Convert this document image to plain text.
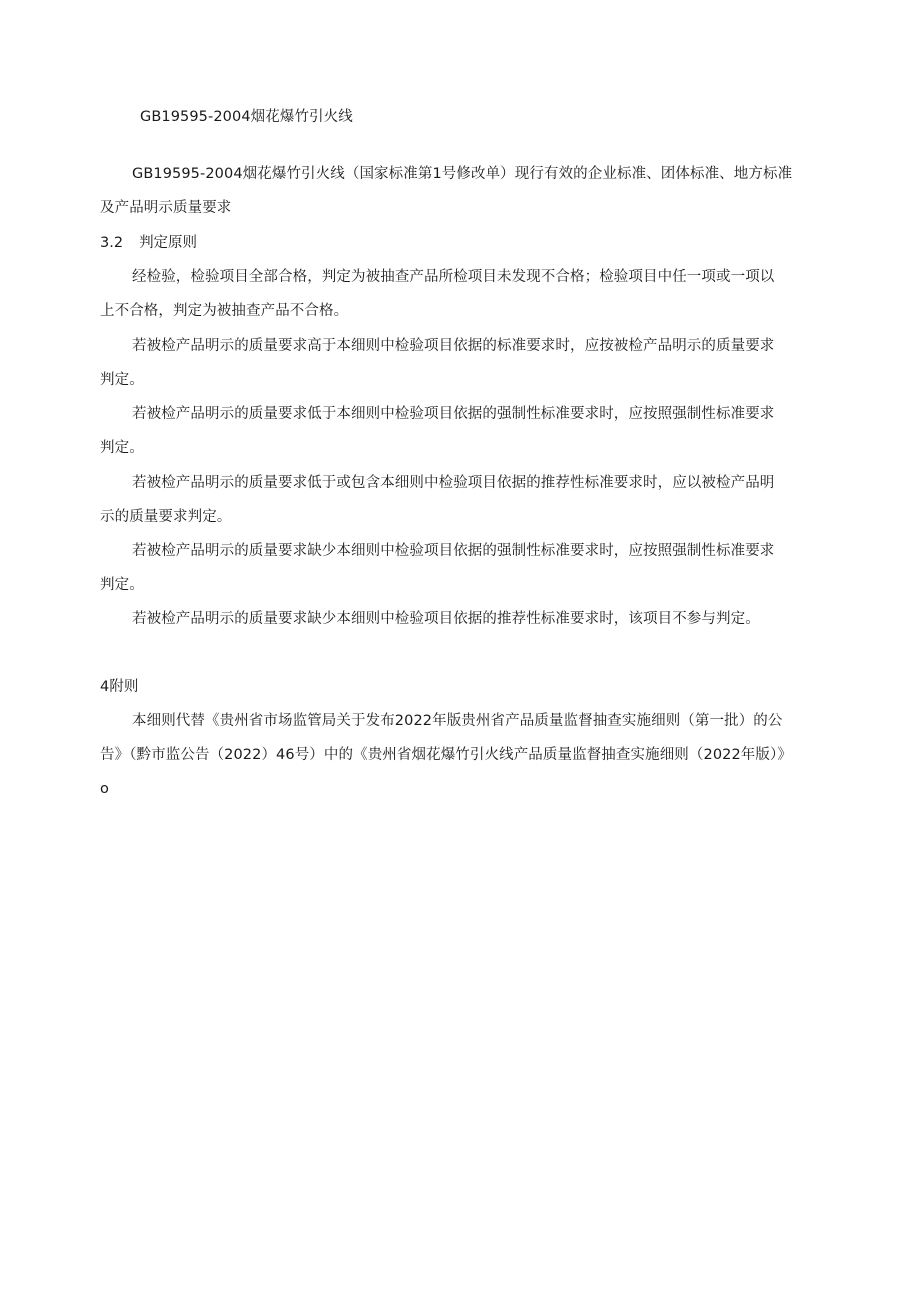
GB19595-2004烟花爆竹引火线
GB19595-2004烟花爆竹引火线（国家标准第1号修改单）现行有效的企业标准、团体标准、地方标准
及产品明示质量要求
3.2 判定原则
经检验，检验项目全部合格，判定为被抽查产品所检项目未发现不合格；检验项目中任一项或一项以
上不合格，判定为被抽查产品不合格。
若被检产品明示的质量要求高于本细则中检验项目依据的标准要求时，应按被检产品明示的质量要求
判定。
若被检产品明示的质量要求低于本细则中检验项目依据的强制性标准要求时，应按照强制性标准要求
判定。
若被检产品明示的质量要求低于或包含本细则中检验项目依据的推荐性标准要求时，应以被检产品明
示的质量要求判定。
若被检产品明示的质量要求缺少本细则中检验项目依据的强制性标准要求时，应按照强制性标准要求
判定。
若被检产品明示的质量要求缺少本细则中检验项目依据的推荐性标准要求时，该项目不参与判定。
4附则
本细则代替《贵州省市场监管局关于发布2022年版贵州省产品质量监督抽查实施细则（第一批）的公
告》（黔市监公告（2022）46号）中的《贵州省烟花爆竹引火线产品质量监督抽查实施细则（2022年版）》
o
